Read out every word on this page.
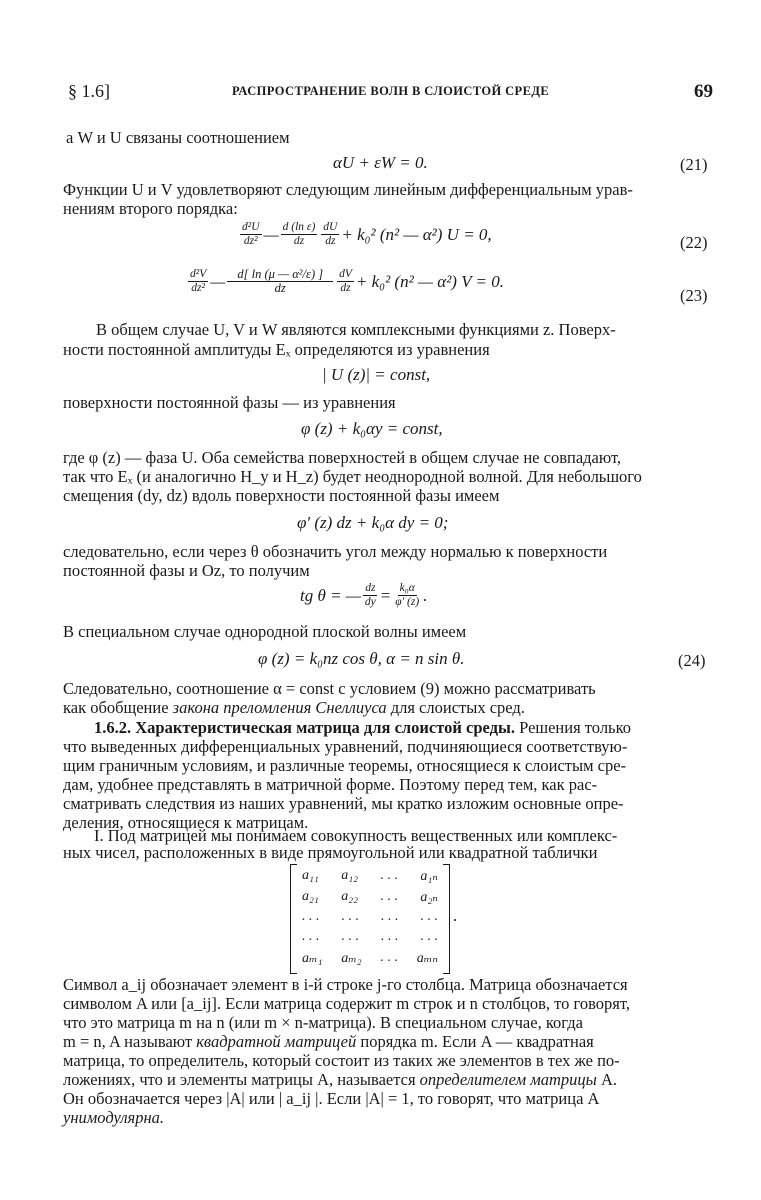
§ 1.6]	РАСПРОСТРАНЕНИЕ ВОЛН В СЛОИСТОЙ СРЕДЕ	69
а W и U связаны соотношением
αU + εW = 0.	(21)
Функции U и V удовлетворяют следующим линейным дифференциальным урав-
нениям второго порядка:
$\frac{\text{d²U}}{\text{dz²}}$ — $\frac{\text{d (ln ε)}}{dz} \frac{dU}{dz} + k_0^2$ (n² — α²) U = 0,	(22)
$\frac{\text{d²V}}{\text{dz²}}$ — $\frac{\text{d[ ln (μ — α²/ε) ]}}{dz} \frac{dV}{dz} + k_0^2$ (n² — α²) V = 0.
(23)
В общем случае U, V и W являются комплексными функциями z. Поверх-
ности постоянной амплитуды Eₓ определяются из уравнения
| U (z)| = const,
поверхности постоянной фазы — из уравнения
φ (z) + k₀αy = const,
где φ (z) — фаза U. Оба семейства поверхностей в общем случае не совпадают,
так что Eₓ (и аналогично H_y и H_z) будет неоднородной волной. Для небольшого
смещения (dy, dz) вдоль поверхности постоянной фазы имеем
φ′ (z) dz + k₀α dy = 0;
следовательно, если через θ обозначить угол между нормалью к поверхности
постоянной фазы и Oz, то получим
tg θ = — $\frac{dz}{dy} = \frac{\text{k₀α}}{\varphi' (z)}$ .
В специальном случае однородной плоской волны имеем
φ (z) = k₀nz cos θ, α = n sin θ.	(24)
Следовательно, соотношение α = const с условием (9) можно рассматривать
как обобщение закона преломления Снеллиуса для слоистых сред.
1.6.2. Характеристическая матрица для слоистой среды. Решения только
что выведенных дифференциальных уравнений, подчиняющиеся соответствую-
щим граничным условиям, и различные теоремы, относящиеся к слоистым сре-
дам, удобнее представлять в матричной форме. Поэтому перед тем, как рас-
сматривать следствия из наших уравнений, мы кратко изложим основные опре-
деления, относящиеся к матрицам.
I. Под матрицей мы понимаем совокупность вещественных или комплекс-
ных чисел, расположенных в виде прямоугольной или квадратной таблички
a₁₁ a₁₂ . . . a₁ₙ
a₂₁ a₂₂ . . . a₂ₙ
. . . . . . . . . . . .
. . . . . . . . . . . .
aₘ₁ aₘ₂ . . . aₘₙ
.
Символ a_ij обозначает элемент в i-й строке j-го столбца. Матрица обозначается
символом A или [a_ij]. Если матрица содержит m строк и n столбцов, то говорят,
что это матрица m на n (или m × n-матрица). В специальном случае, когда
m = n, A называют квадратной матрицей порядка m. Если A — квадратная
матрица, то определитель, который состоит из таких же элементов в тех же по-
ложениях, что и элементы матрицы A, называется определителем матрицы A.
Он обозначается через |A| или | a_ij |. Если |A| = 1, то говорят, что матрица A
унимодулярна.
